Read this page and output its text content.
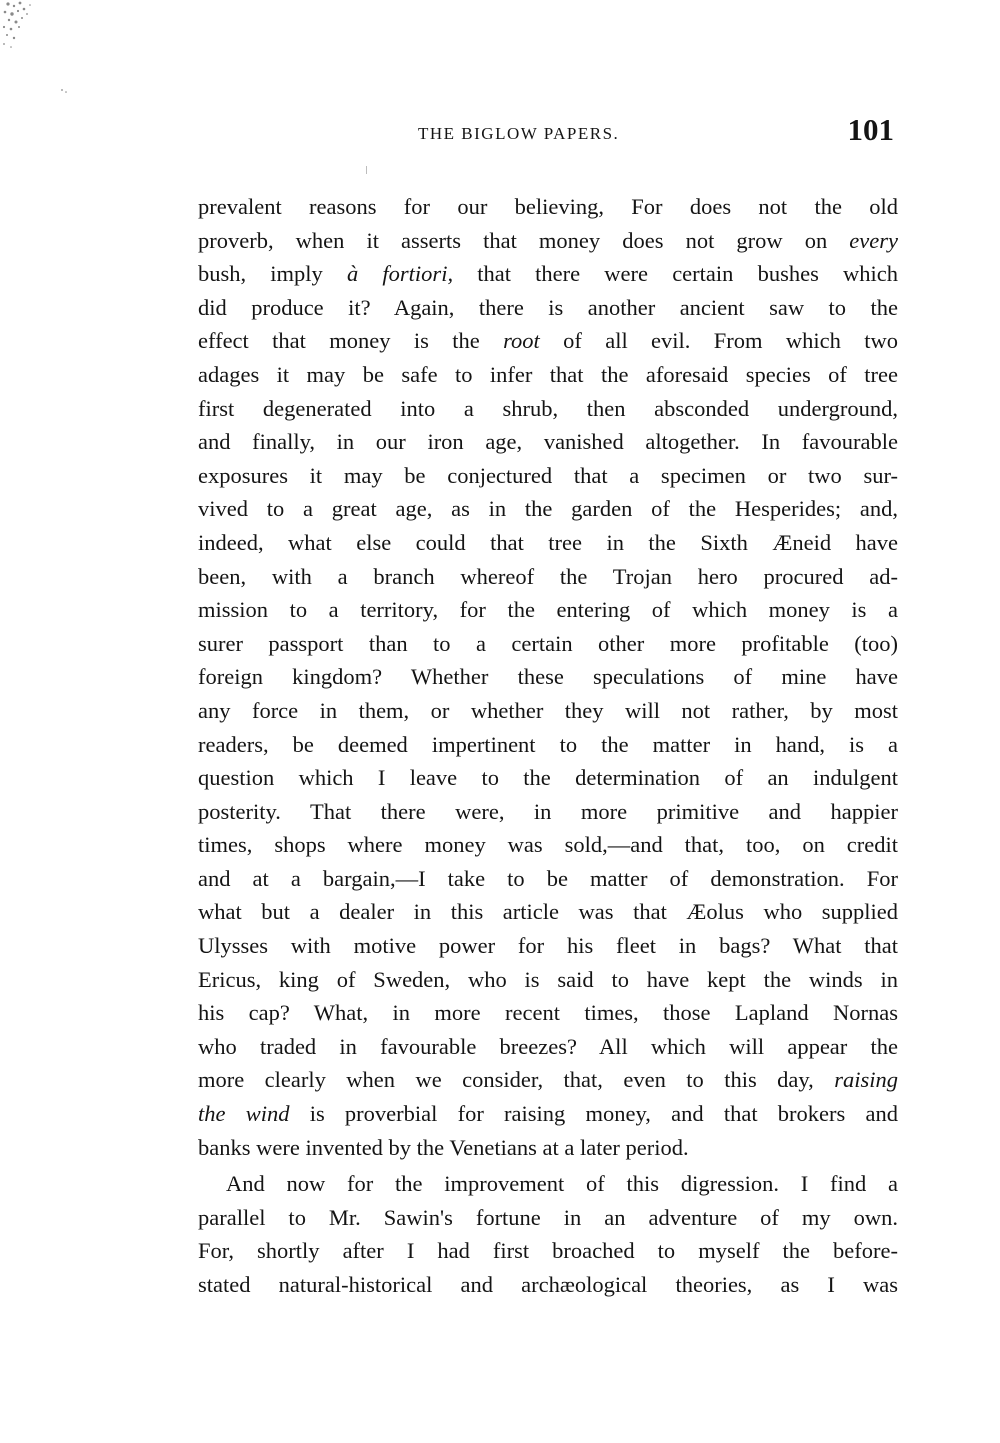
THE BIGLOW PAPERS.	101
prevalent reasons for our believing, For does not the old
proverb, when it asserts that money does not grow on every
bush, imply à fortiori, that there were certain bushes which
did produce it? Again, there is another ancient saw to the
effect that money is the root of all evil. From which two
adages it may be safe to infer that the aforesaid species of tree
first degenerated into a shrub, then absconded underground,
and finally, in our iron age, vanished altogether. In favourable
exposures it may be conjectured that a specimen or two sur-
vived to a great age, as in the garden of the Hesperides; and,
indeed, what else could that tree in the Sixth Æneid have
been, with a branch whereof the Trojan hero procured ad-
mission to a territory, for the entering of which money is a
surer passport than to a certain other more profitable (too)
foreign kingdom? Whether these speculations of mine have
any force in them, or whether they will not rather, by most
readers, be deemed impertinent to the matter in hand, is a
question which I leave to the determination of an indulgent
posterity. That there were, in more primitive and happier
times, shops where money was sold,—and that, too, on credit
and at a bargain,—I take to be matter of demonstration. For
what but a dealer in this article was that Æolus who supplied
Ulysses with motive power for his fleet in bags? What that
Ericus, king of Sweden, who is said to have kept the winds in
his cap? What, in more recent times, those Lapland Nornas
who traded in favourable breezes? All which will appear the
more clearly when we consider, that, even to this day, raising
the wind is proverbial for raising money, and that brokers and
banks were invented by the Venetians at a later period.
And now for the improvement of this digression. I find a
parallel to Mr. Sawin's fortune in an adventure of my own.
For, shortly after I had first broached to myself the before-
stated natural-historical and archæological theories, as I was
